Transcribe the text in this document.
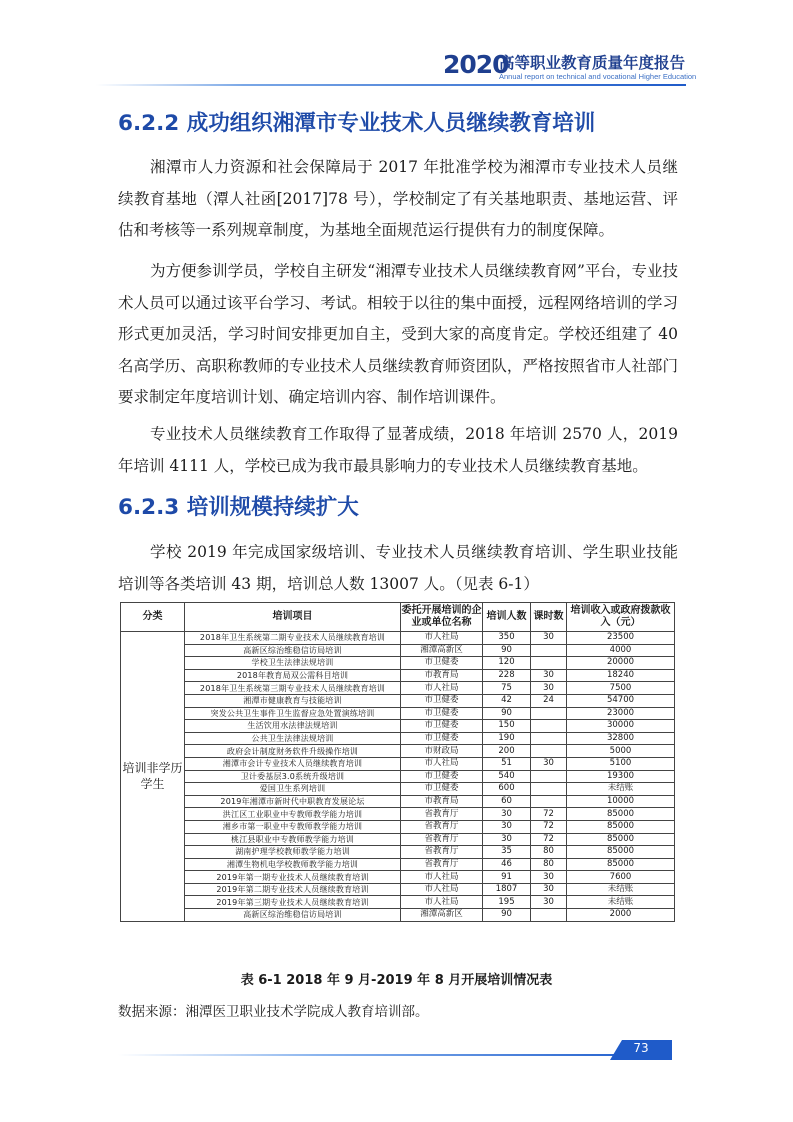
2020
高等职业教育质量年度报告
Annual report on technical and vocational Higher Education
6.2.2 成功组织湘潭市专业技术人员继续教育培训

湘潭市人力资源和社会保障局于 2017 年批准学校为湘潭市专业技术人员继续教育基地（潭人社函[2017]78 号），学校制定了有关基地职责、基地运营、评估和考核等一系列规章制度，为基地全面规范运行提供有力的制度保障。

为方便参训学员，学校自主研发“湘潭专业技术人员继续教育网”平台，专业技术人员可以通过该平台学习、考试。相较于以往的集中面授，远程网络培训的学习形式更加灵活，学习时间安排更加自主，受到大家的高度肯定。学校还组建了 40 名高学历、高职称教师的专业技术人员继续教育师资团队，严格按照省市人社部门要求制定年度培训计划、确定培训内容、制作培训课件。

专业技术人员继续教育工作取得了显著成绩，2018 年培训 2570 人，2019 年培训 4111 人，学校已成为我市最具影响力的专业技术人员继续教育基地。

6.2.3 培训规模持续扩大

学校 2019 年完成国家级培训、专业技术人员继续教育培训、学生职业技能培训等各类培训 43 期，培训总人数 13007 人。（见表 6-1）

分类	培训项目	委托开展培训的企业或单位名称	培训人数	课时数	培训收入或政府拨款收入（元）
培训非学历学生	2018年卫生系统第二期专业技术人员继续教育培训	市人社局	350	30	23500
	高新区综治维稳信访局培训	湘潭高新区	90		4000
	学校卫生法律法规培训	市卫健委	120		20000
	2018年教育局双公需科目培训	市教育局	228	30	18240
	2018年卫生系统第三期专业技术人员继续教育培训	市人社局	75	30	7500
	湘潭市健康教育与技能培训	市卫健委	42	24	54700
	突发公共卫生事件卫生监督应急处置演练培训	市卫健委	90		23000
	生活饮用水法律法规培训	市卫健委	150		30000
	公共卫生法律法规培训	市卫健委	190		32800
	政府会计制度财务软件升级操作培训	市财政局	200		5000
	湘潭市会计专业技术人员继续教育培训	市人社局	51	30	5100
	卫计委基层3.0系统升级培训	市卫健委	540		19300
	爱国卫生系列培训	市卫健委	600		未结账
	2019年湘潭市新时代中职教育发展论坛	市教育局	60		10000
	洪江区工业职业中专教师教学能力培训	省教育厅	30	72	85000
	湘乡市第一职业中专教师教学能力培训	省教育厅	30	72	85000
	桃江县职业中专教师教学能力培训	省教育厅	30	72	85000
	湖南护理学校教师教学能力培训	省教育厅	35	80	85000
	湘潭生物机电学校教师教学能力培训	省教育厅	46	80	85000
	2019年第一期专业技术人员继续教育培训	市人社局	91	30	7600
	2019年第二期专业技术人员继续教育培训	市人社局	1807	30	未结账
	2019年第三期专业技术人员继续教育培训	市人社局	195	30	未结账
	高新区综治维稳信访局培训	湘潭高新区	90		2000
表 6-1 2018 年 9 月-2019 年 8 月开展培训情况表
数据来源：湘潭医卫职业技术学院成人教育培训部。
73
